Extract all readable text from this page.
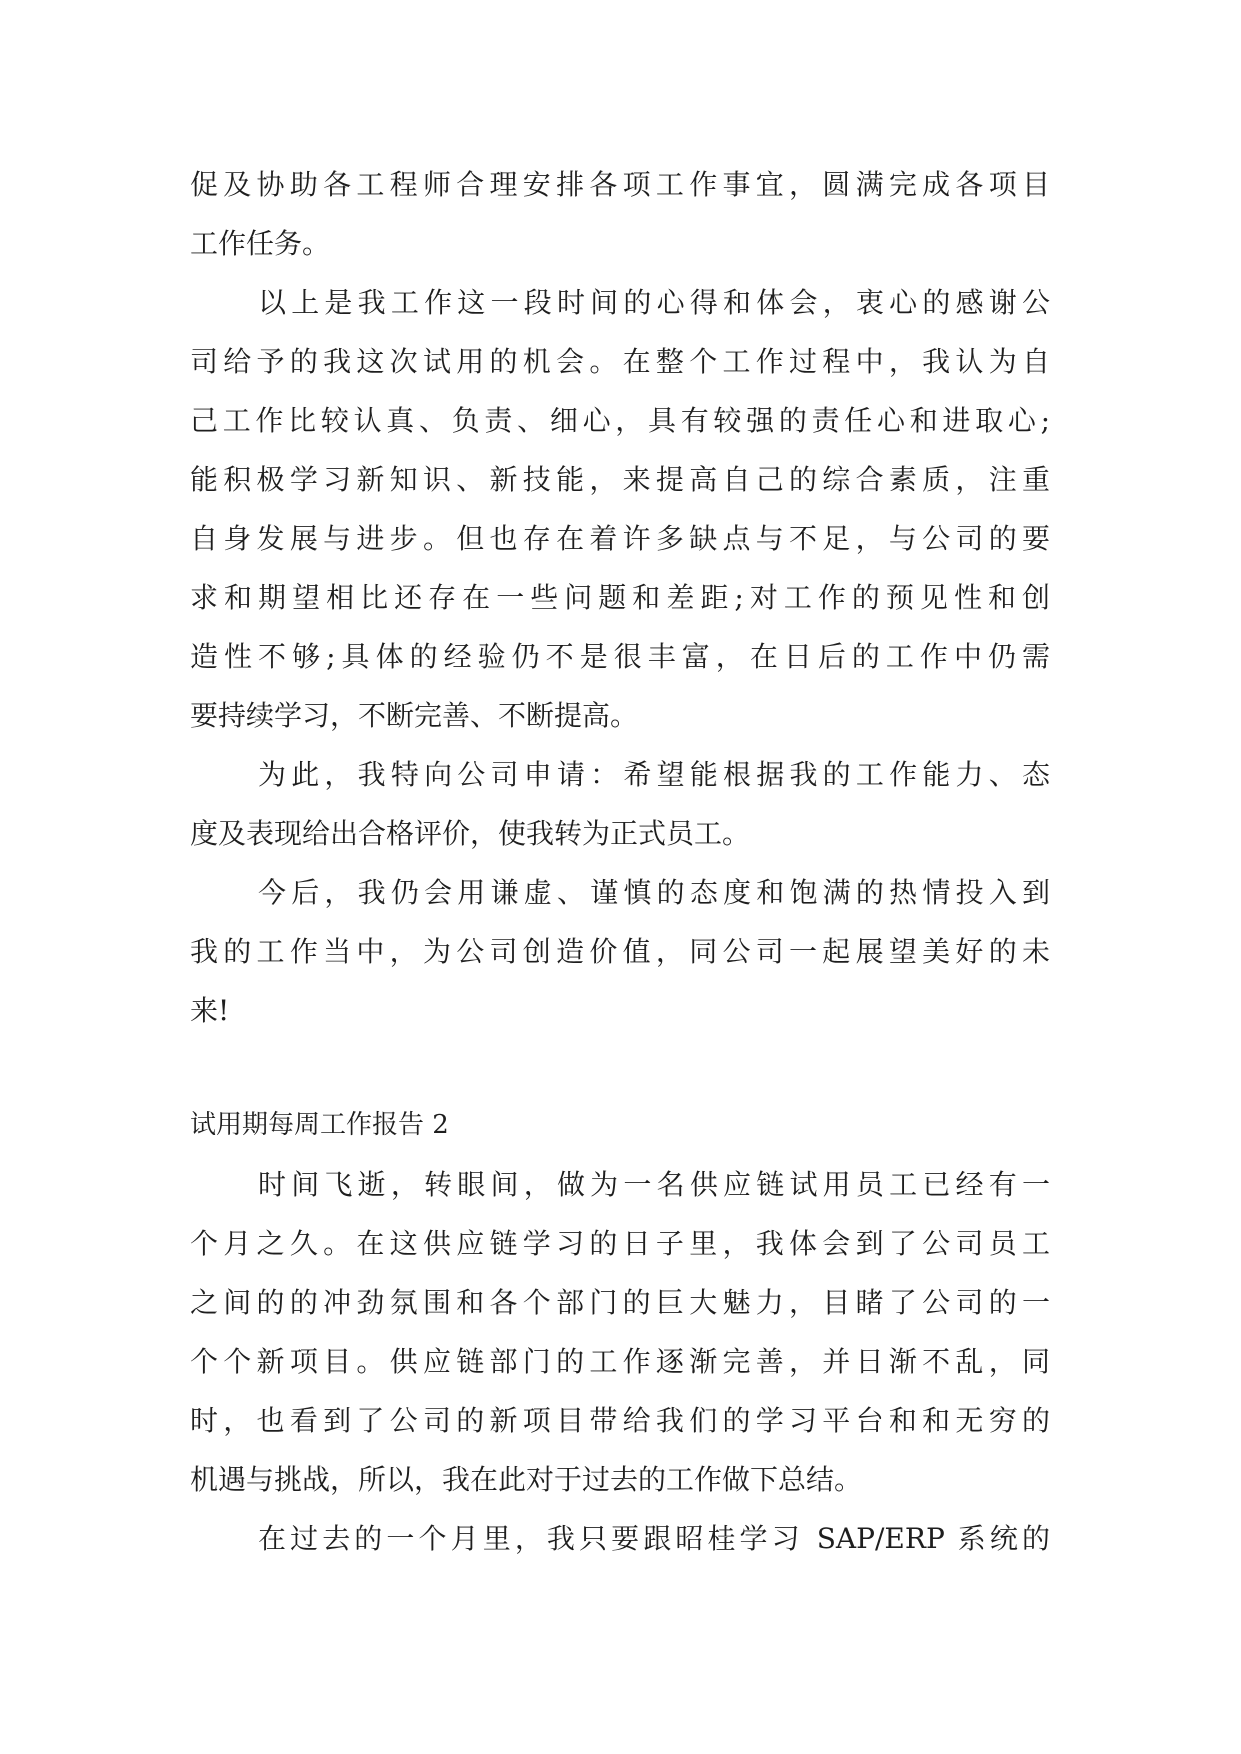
促及协助各工程师合理安排各项工作事宜，圆满完成各项目
工作任务。
以上是我工作这一段时间的心得和体会，衷心的感谢公
司给予的我这次试用的机会。在整个工作过程中，我认为自
己工作比较认真、负责、细心，具有较强的责任心和进取心;
能积极学习新知识、新技能，来提高自己的综合素质，注重
自身发展与进步。但也存在着许多缺点与不足，与公司的要
求和期望相比还存在一些问题和差距;对工作的预见性和创
造性不够;具体的经验仍不是很丰富，在日后的工作中仍需
要持续学习，不断完善、不断提高。
为此，我特向公司申请：希望能根据我的工作能力、态
度及表现给出合格评价，使我转为正式员工。
今后，我仍会用谦虚、谨慎的态度和饱满的热情投入到
我的工作当中，为公司创造价值，同公司一起展望美好的未
来!
试用期每周工作报告 2
时间飞逝，转眼间，做为一名供应链试用员工已经有一
个月之久。在这供应链学习的日子里，我体会到了公司员工
之间的的冲劲氛围和各个部门的巨大魅力，目睹了公司的一
个个新项目。供应链部门的工作逐渐完善，并日渐不乱，同
时，也看到了公司的新项目带给我们的学习平台和和无穷的
机遇与挑战，所以，我在此对于过去的工作做下总结。
在过去的一个月里，我只要跟昭桂学习 SAP/ERP 系统的
